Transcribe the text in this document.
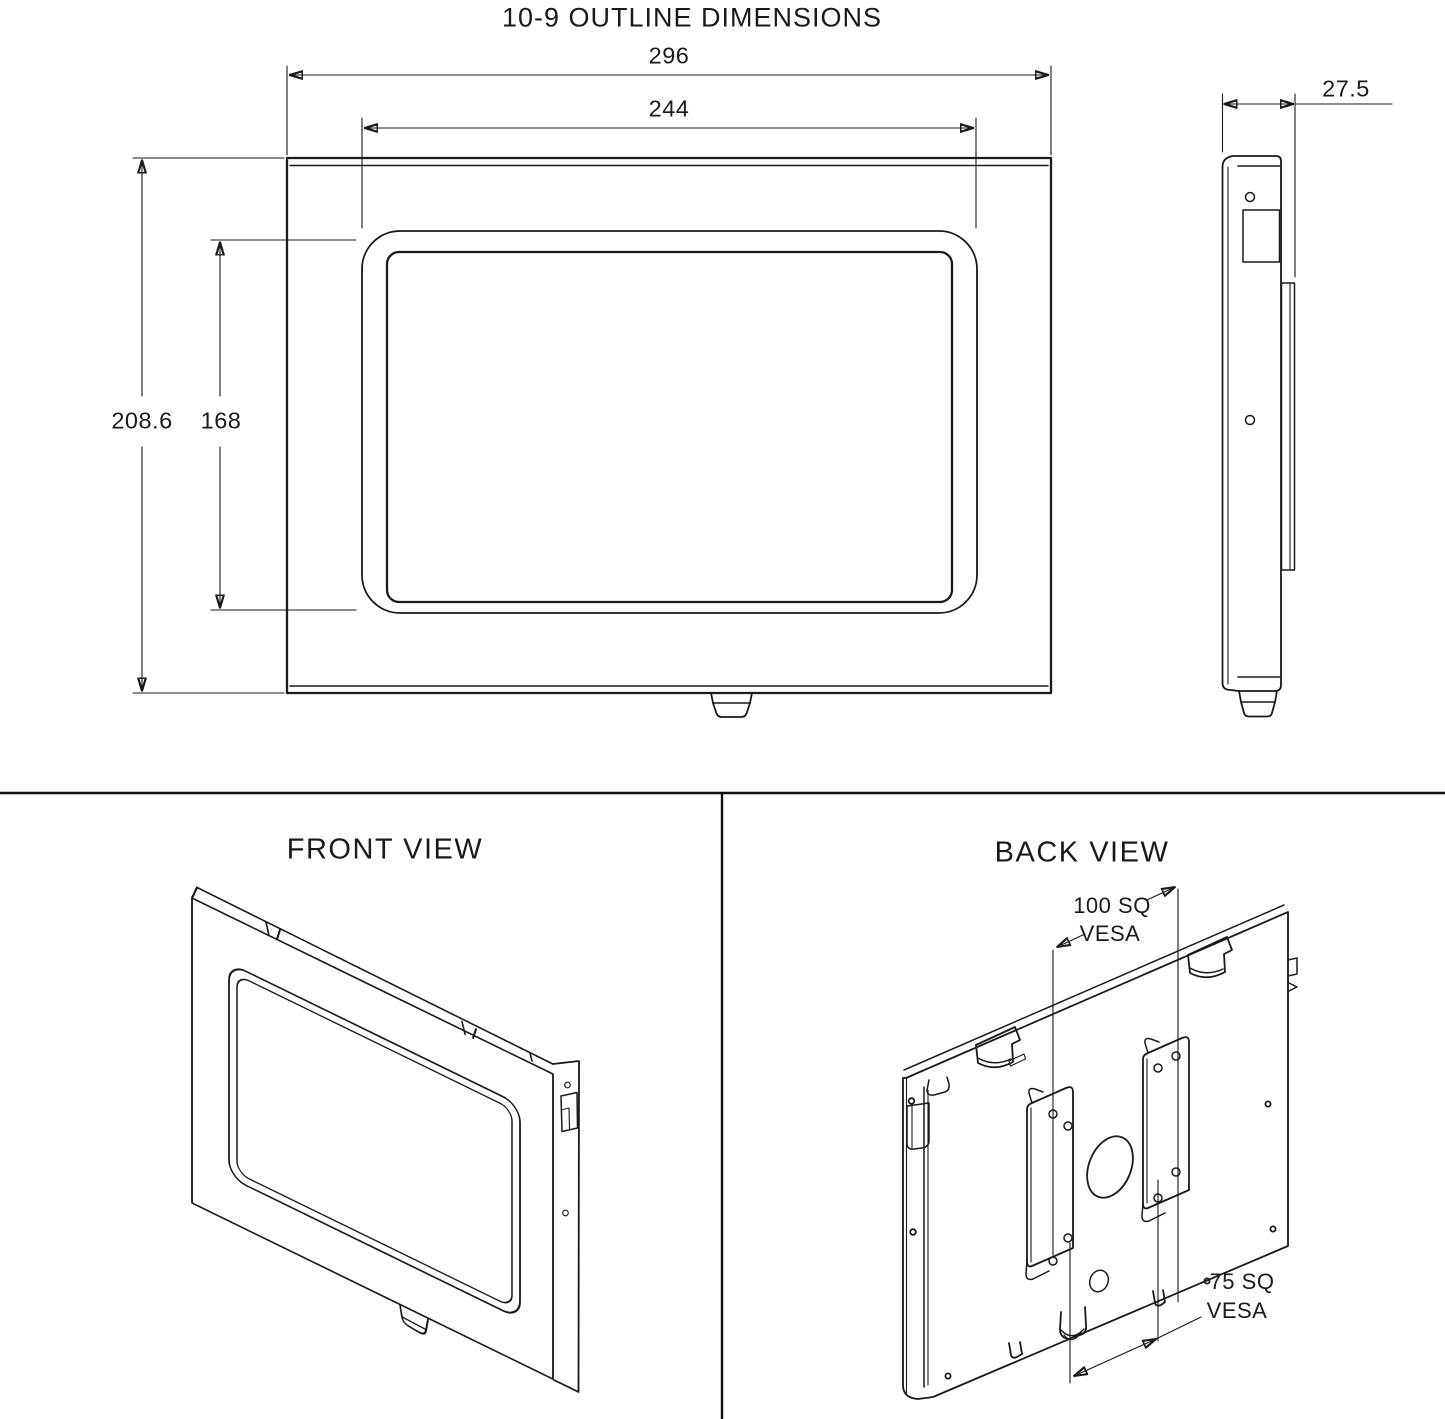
10-9 OUTLINE DIMENSIONS
296
244
208.6 168
27.5
FRONT VIEW	BACK VIEW
100 SQ
VESA
75 SQ
VESA
